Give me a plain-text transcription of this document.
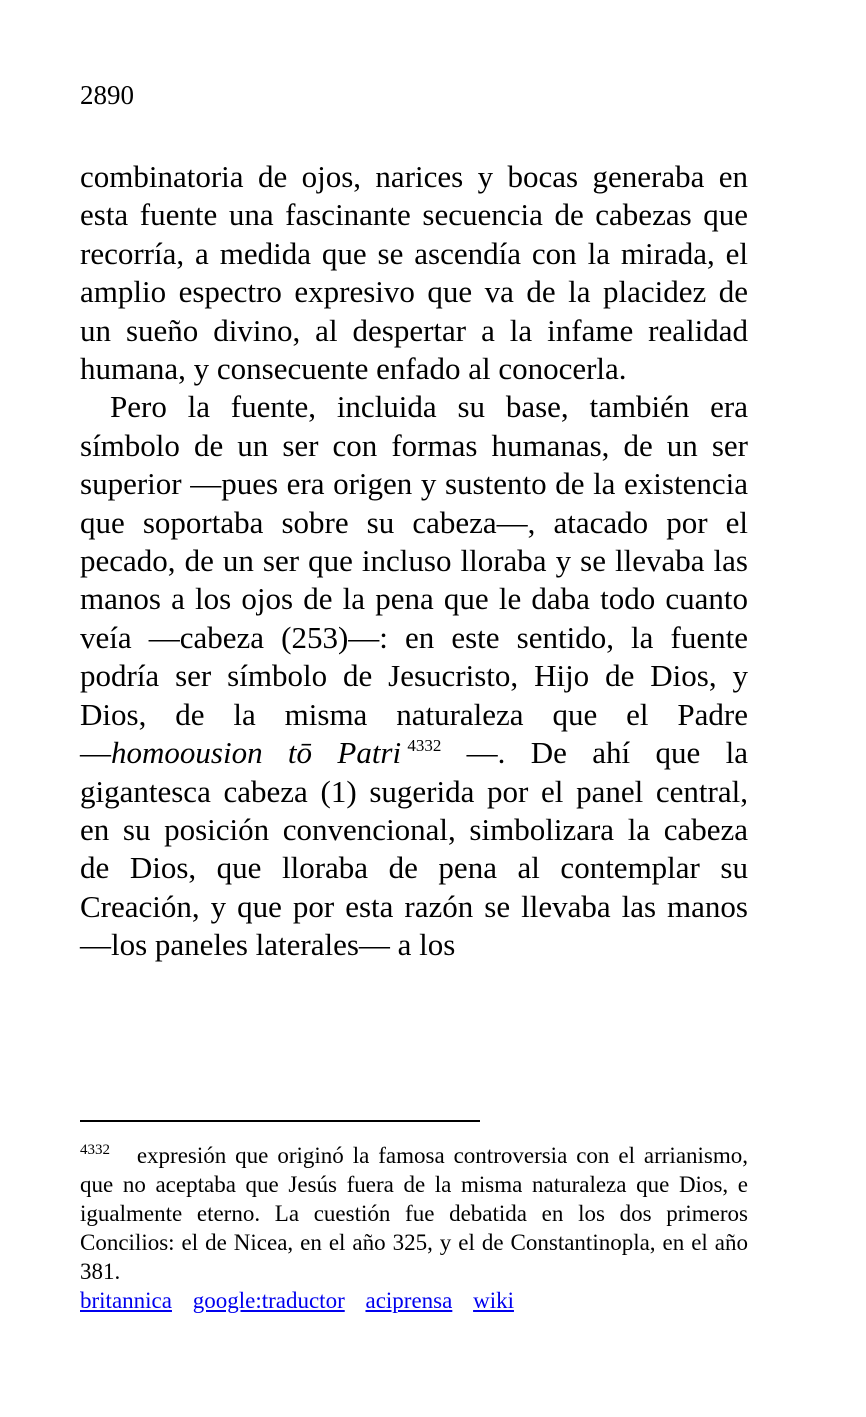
2890

combinatoria de ojos, narices y bocas generaba en esta fuente una fascinante secuencia de cabezas que recorría, a medida que se ascendía con la mirada, el amplio espectro expresivo que va de la placidez de un sueño divino, al despertar a la infame realidad humana, y consecuente enfado al conocerla.

Pero la fuente, incluida su base, también era símbolo de un ser con formas humanas, de un ser superior ―pues era origen y sustento de la existencia que soportaba sobre su cabeza―, atacado por el pecado, de un ser que incluso lloraba y se llevaba las manos a los ojos de la pena que le daba todo cuanto veía ―cabeza (253)―: en este sentido, la fuente podría ser símbolo de Jesucristo, Hijo de Dios, y Dios, de la misma naturaleza que el Padre ―homoousion tō Patri  $^{4332}$ ―. De ahí que la gigantesca cabeza (1) sugerida por el panel central, en su posición convencional, simbolizara la cabeza de Dios, que lloraba de pena al contemplar su Creación, y que por esta razón se llevaba las manos ―los paneles laterales― a los

$^{4332}$ expresión que originó la famosa controversia con el arrianismo, que no aceptaba que Jesús fuera de la misma naturaleza que Dios, e igualmente eterno. La cuestión fue debatida en los dos primeros Concilios: el de Nicea, en el año 325, y el de Constantinopla, en el año 381.

britannica google:traductor aciprensa wiki
